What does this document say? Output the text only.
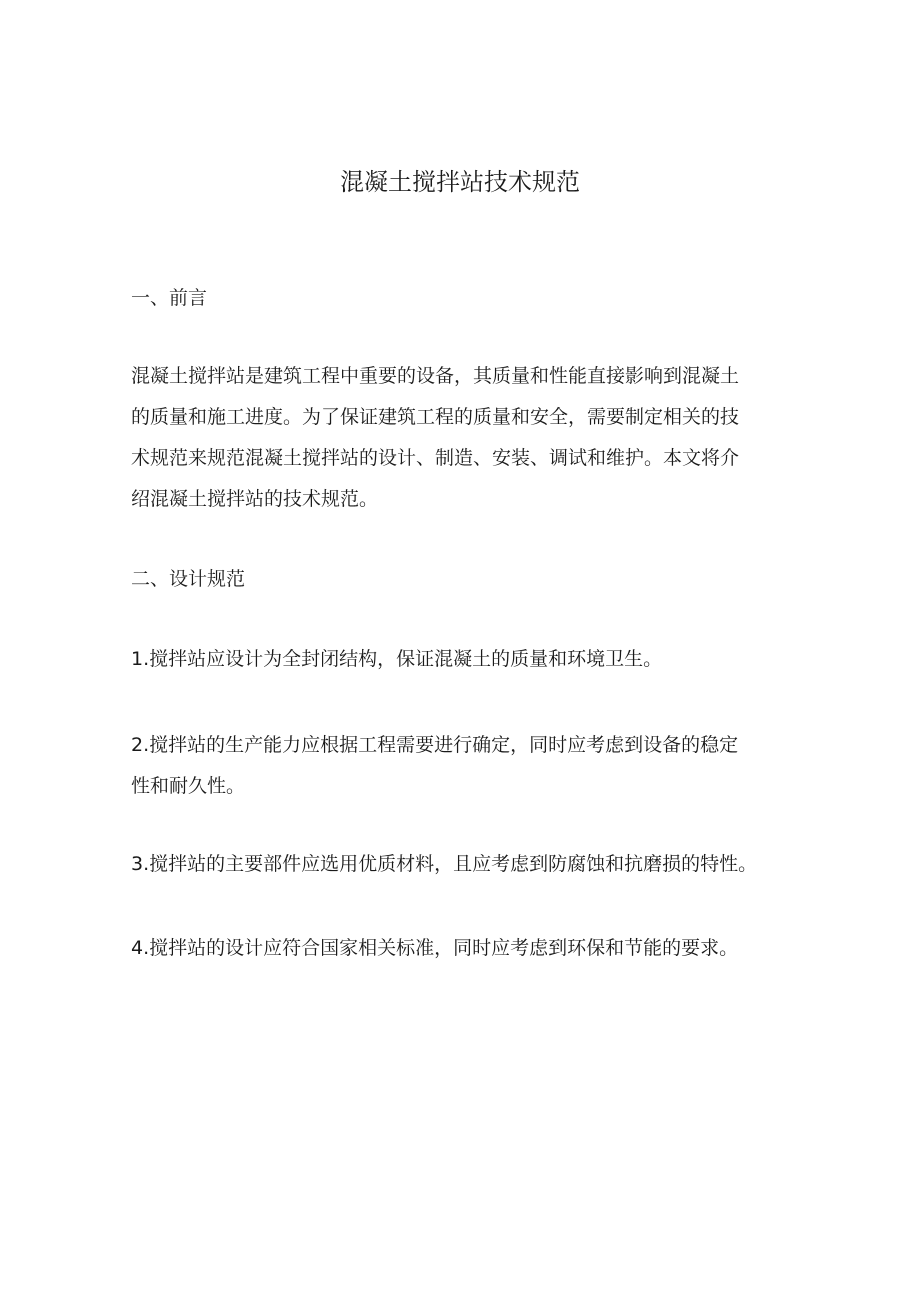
混凝土搅拌站技术规范
一、前言

混凝土搅拌站是建筑工程中重要的设备，其质量和性能直接影响到混凝土
的质量和施工进度。为了保证建筑工程的质量和安全，需要制定相关的技
术规范来规范混凝土搅拌站的设计、制造、安装、调试和维护。本文将介
绍混凝土搅拌站的技术规范。

二、设计规范

1.搅拌站应设计为全封闭结构，保证混凝土的质量和环境卫生。

2.搅拌站的生产能力应根据工程需要进行确定，同时应考虑到设备的稳定
性和耐久性。

3.搅拌站的主要部件应选用优质材料，且应考虑到防腐蚀和抗磨损的特性。

4.搅拌站的设计应符合国家相关标准，同时应考虑到环保和节能的要求。
